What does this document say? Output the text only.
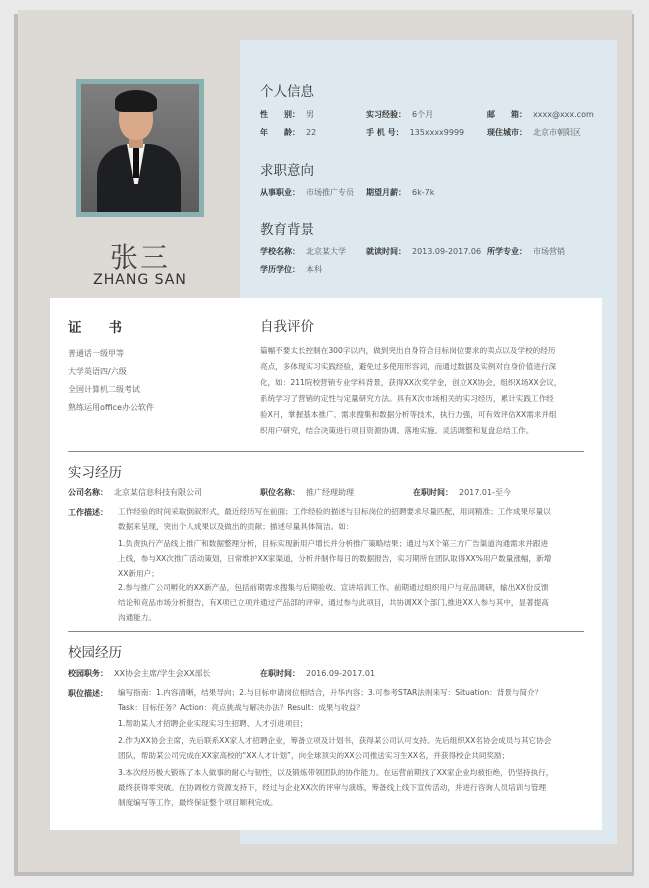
张三
ZHANG SAN
个人信息
性　　别： 男	实习经验： 6个月	邮　　箱： xxxx@xxx.com
年　　龄： 22	手 机 号： 135xxxx9999	现住城市： 北京市朝阳区
求职意向
从事职业： 市场推广专员 期望月薪： 6k-7k
教育背景
学校名称： 北京某大学	就读时间： 2013.09-2017.06 所学专业： 市场营销
学历学位： 本科
证　　书
普通话一级甲等
大学英语四/六级
全国计算机二级考试
熟练运用office办公软件
自我评价
篇幅不要太长控制在300字以内，做到突出自身符合目标岗位要求的卖点以及学校的经历
亮点，多体现实习实践经验，避免过多使用形容词，而通过数据及实例对自身价值进行深
化，如：211院校营销专业学科背景，获得XX次奖学金，创立XX协会，组织X场XX会议，
系统学习了营销的定性与定量研究方法。具有X次市场相关的实习经历，累计实践工作经
验X月，掌握基本推广、需求搜集和数据分析等技术，执行力强，可有效评估XX需求并组
织用户研究，结合决策进行项目资源协调、落地实施、灵活调整和复盘总结工作。
实习经历
公司名称： 北京某信息科技有限公司	职位名称： 推广经理助理	在职时间： 2017.01-至今
工作描述：	工作经验的时间采取倒叙形式，最近经历写在前面；工作经验的描述与目标岗位的招聘要求尽量匹配，用词精准；工作成果尽量以
数据来呈现，突出个人成果以及做出的贡献；描述尽量具体简洁。如：
1.负责执行产品线上推广和数据整理分析，目标实现新用户增长并分析推广策略结果；通过与X个第三方广告渠道沟通需求并跟进
上线，参与XX次推广活动策划，日常维护XX家渠道，分析并制作每日的数据报告，实习期所在团队取得XX%用户数量涨幅，新增
XX新用户；
2.参与推广公司孵化的XX新产品，包括前期需求搜集与后期验收、宣讲培训工作。前期通过组织用户与竞品调研，输出XX份反馈
结论和竞品市场分析报告，有X项已立项并通过产品部的评审。通过参与此项目，共协调XX个部门,推进XX人参与其中，显著提高
沟通能力。
校园经历
校园职务： XX协会主席/学生会XX部长	在职时间： 2016.09-2017.01
职位描述：	编写指南：1.内容清晰，结果导向；2.与目标申请岗位相结合，升华内容；3.可参考STAR法则来写：Situation：背景与简介？
Task：目标任务？Action：亮点挑战与解决办法？Result：成果与收益？
1.帮助某人才招聘企业实现实习生招聘、人才引进项目；
2.作为XX协会主席，先后联系XX家人才招聘企业，筹备立项及计划书，获得某公司认可支持。先后组织XX名协会成员与其它协会
团队，帮助某公司完成在XX家高校的“XX人才计划”，向全球顶尖的XX公司推送实习生XX名，并获得校企共同奖励；
3.本次经历极大锻炼了本人做事的耐心与韧性，以及锻炼带领团队的协作能力。在运营前期找了XX家企业均被拒绝，仍坚持执行，
最终获得零突破。在协调校方资源支持下，经过与企业XX次的评审与演练，筹备线上线下宣传活动，并进行咨询人员培训与管理
制度编写等工作，最终保证整个项目顺利完成。
